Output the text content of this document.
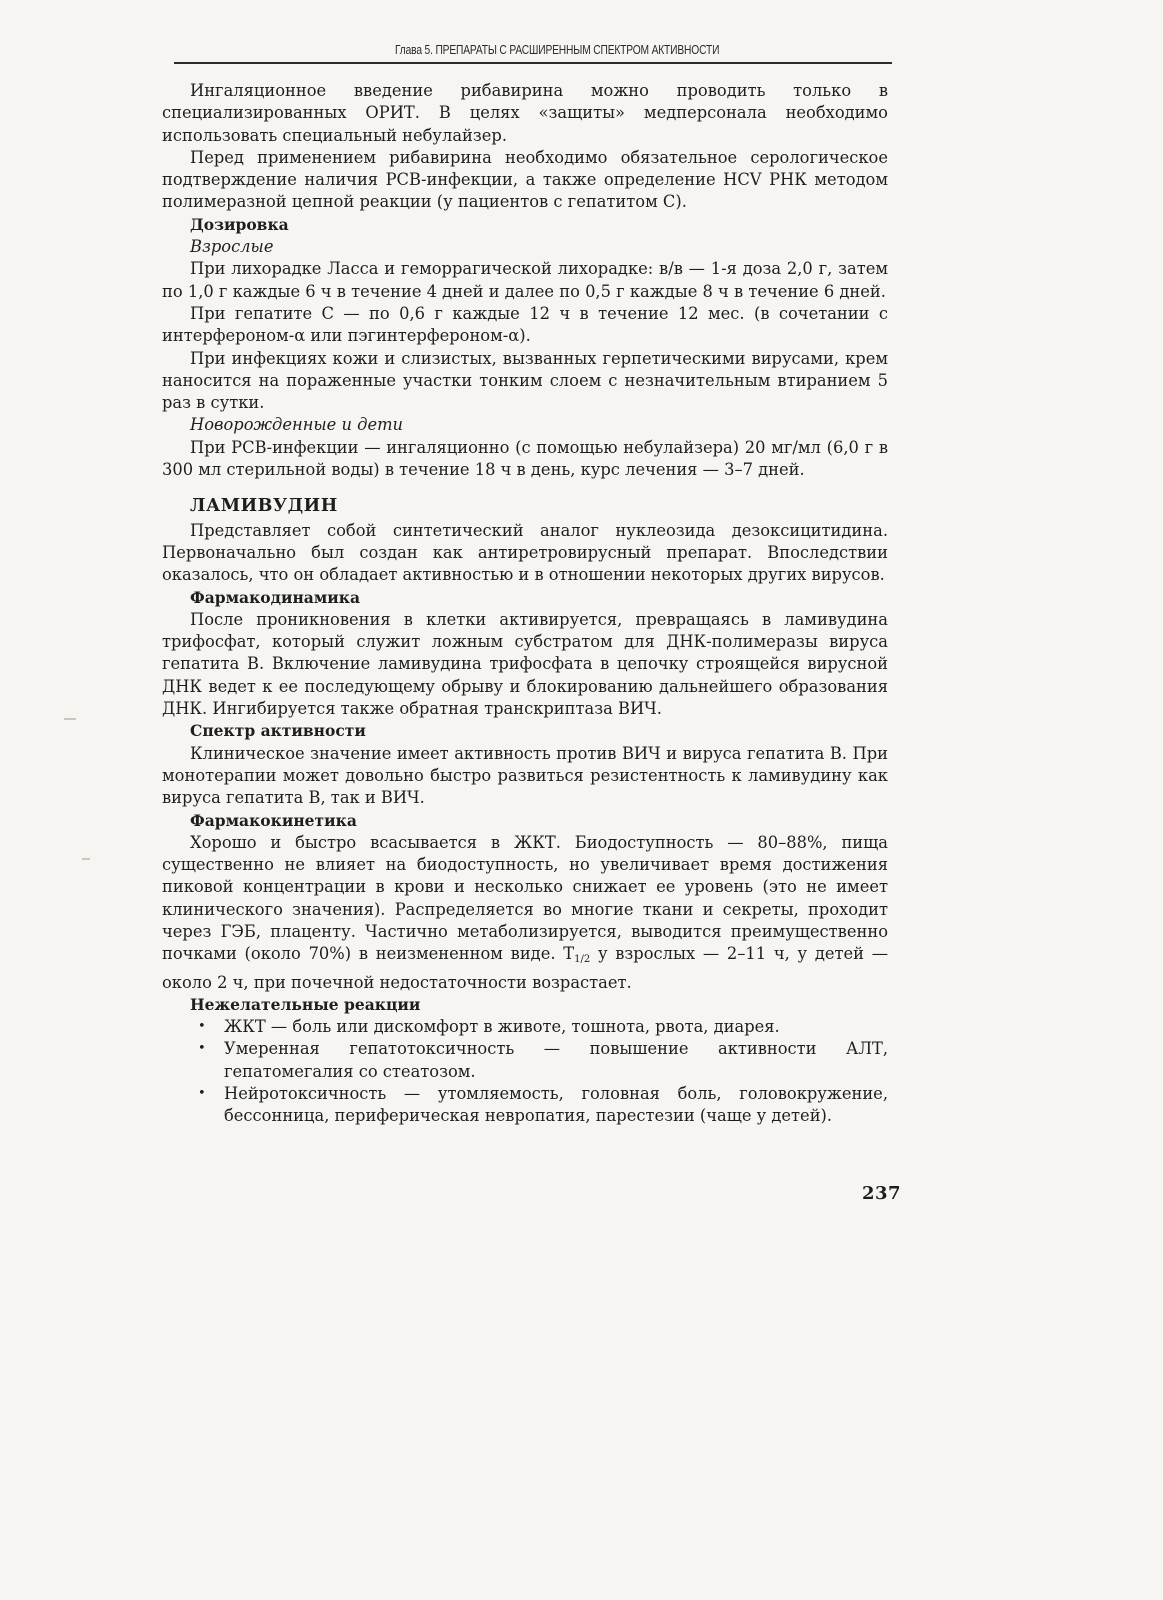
Глава 5. ПРЕПАРАТЫ С РАСШИРЕННЫМ СПЕКТРОМ АКТИВНОСТИ

Ингаляционное введение рибавирина можно проводить только в специализированных ОРИТ. В целях «защиты» медперсонала необходимо использовать специальный небулайзер.

Перед применением рибавирина необходимо обязательное серологическое подтверждение наличия РСВ-инфекции, а также определение HCV РНК методом полимеразной цепной реакции (у пациентов с гепатитом С).

Дозировка
Взрослые

При лихорадке Ласса и геморрагической лихорадке: в/в — 1-я доза 2,0 г, затем по 1,0 г каждые 6 ч в течение 4 дней и далее по 0,5 г каждые 8 ч в течение 6 дней.

При гепатите С — по 0,6 г каждые 12 ч в течение 12 мес. (в сочетании с интерфероном-α или пэгинтерфероном-α).

При инфекциях кожи и слизистых, вызванных герпетическими вирусами, крем наносится на пораженные участки тонким слоем с незначительным втиранием 5 раз в сутки.

Новорожденные и дети

При РСВ-инфекции — ингаляционно (с помощью небулайзера) 20 мг/мл (6,0 г в 300 мл стерильной воды) в течение 18 ч в день, курс лечения — 3–7 дней.

ЛАМИВУДИН

Представляет собой синтетический аналог нуклеозида дезоксицитидина. Первоначально был создан как антиретровирусный препарат. Впоследствии оказалось, что он обладает активностью и в отношении некоторых других вирусов.

Фармакодинамика

После проникновения в клетки активируется, превращаясь в ламивудина трифосфат, который служит ложным субстратом для ДНК-полимеразы вируса гепатита В. Включение ламивудина трифосфата в цепочку строящейся вирусной ДНК ведет к ее последующему обрыву и блокированию дальнейшего образования ДНК. Ингибируется также обратная транскриптаза ВИЧ.

Спектр активности

Клиническое значение имеет активность против ВИЧ и вируса гепатита В. При монотерапии может довольно быстро развиться резистентность к ламивудину как вируса гепатита В, так и ВИЧ.

Фармакокинетика

Хорошо и быстро всасывается в ЖКТ. Биодоступность — 80–88%, пища существенно не влияет на биодоступность, но увеличивает время достижения пиковой концентрации в крови и несколько снижает ее уровень (это не имеет клинического значения). Распределяется во многие ткани и секреты, проходит через ГЭБ, плаценту. Частично метаболизируется, выводится преимущественно почками (около 70%) в неизмененном виде. $T_{1/2}$ у взрослых — 2–11 ч, у детей — около 2 ч, при почечной недостаточности возрастает.

Нежелательные реакции
• ЖКТ — боль или дискомфорт в животе, тошнота, рвота, диарея.
• Умеренная гепатотоксичность — повышение активности АЛТ, гепатомегалия со стеатозом.
• Нейротоксичность — утомляемость, головная боль, головокружение, бессонница, периферическая невропатия, парестезии (чаще у детей).
237
